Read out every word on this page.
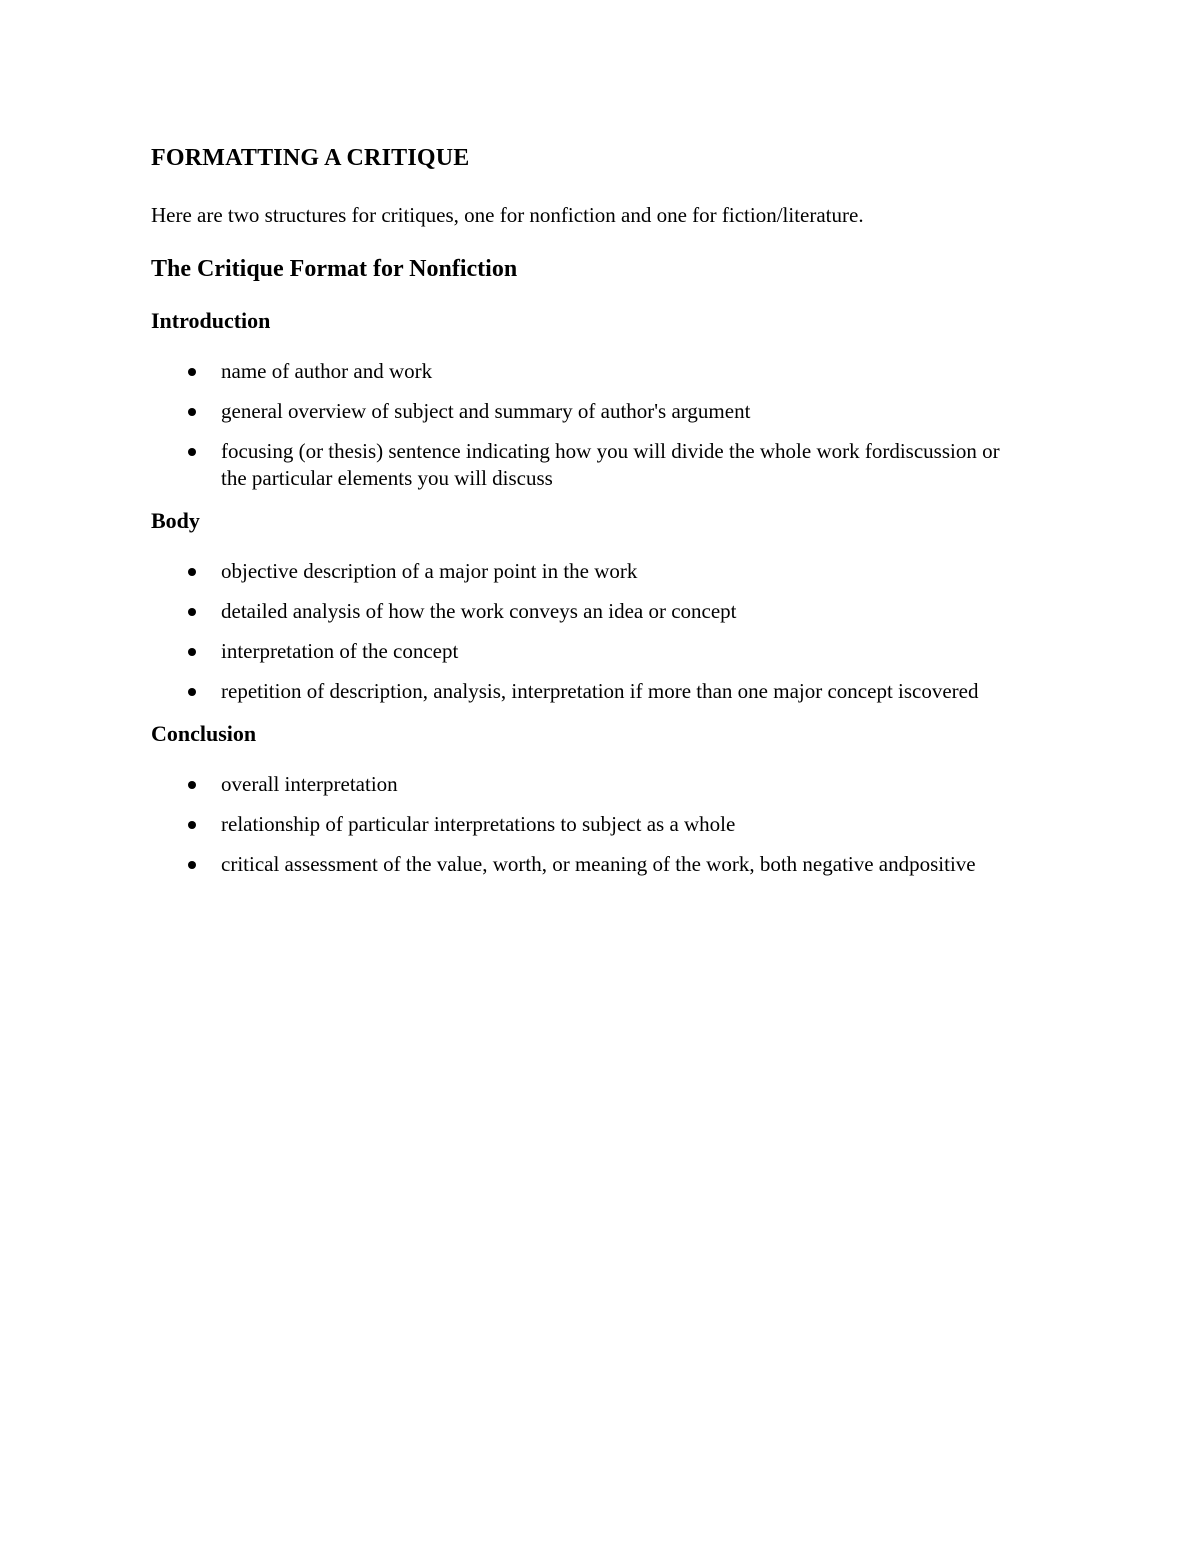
FORMATTING A CRITIQUE
Here are two structures for critiques, one for nonfiction and one for fiction/literature.
The Critique Format for Nonfiction
Introduction
name of author and work
general overview of subject and summary of author's argument
focusing (or thesis) sentence indicating how you will divide the whole work fordiscussion or the particular elements you will discuss
Body
objective description of a major point in the work
detailed analysis of how the work conveys an idea or concept
interpretation of the concept
repetition of description, analysis, interpretation if more than one major concept iscovered
Conclusion
overall interpretation
relationship of particular interpretations to subject as a whole
critical assessment of the value, worth, or meaning of the work, both negative andpositive
